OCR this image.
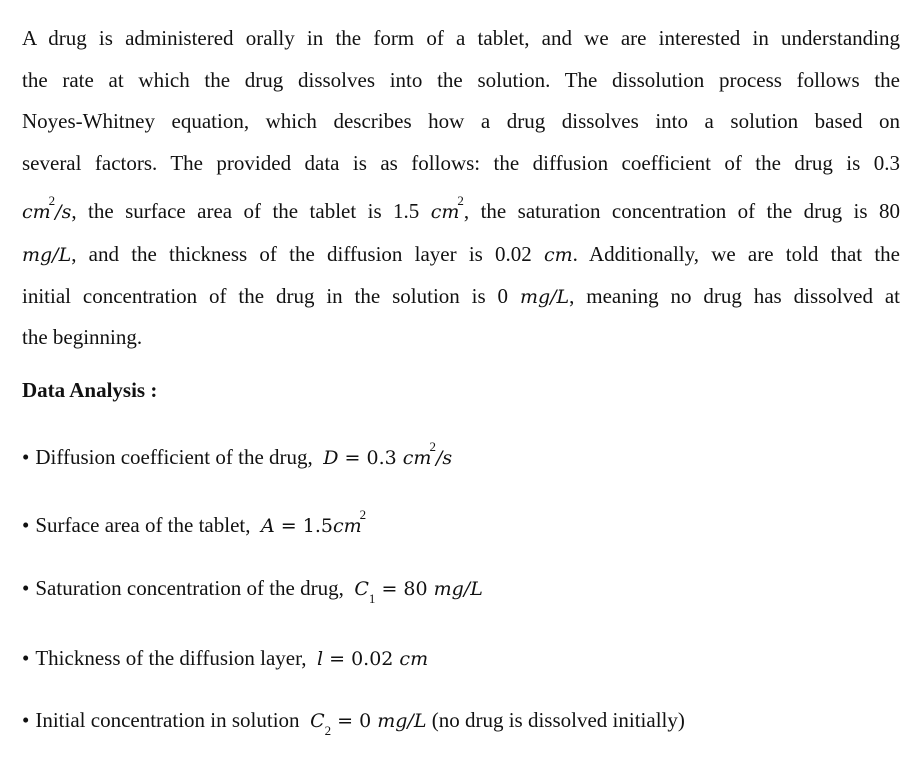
A drug is administered orally in the form of a tablet, and we are interested in understanding
the rate at which the drug dissolves into the solution. The dissolution process follows the
Noyes-Whitney equation, which describes how a drug dissolves into a solution based on
several factors. The provided data is as follows: the diffusion coefficient of the drug is 0.3
$cm^2/s$, the surface area of the tablet is 1.5 $cm^2$, the saturation concentration of the drug is 80
mg/L, and the thickness of the diffusion layer is 0.02 cm. Additionally, we are told that the
initial concentration of the drug in the solution is 0 mg/L, meaning no drug has dissolved at
the beginning.
Data Analysis :
• Diffusion coefficient of the drug, D = 0.3 $cm^2/s$
• Surface area of the tablet, $A = 1.5cm^2$
• Saturation concentration of the drug, $C_1 = 80$ mg/L
• Thickness of the diffusion layer, l = 0.02 cm
• Initial concentration in solution $C_2 = 0$ mg/L (no drug is dissolved initially)
